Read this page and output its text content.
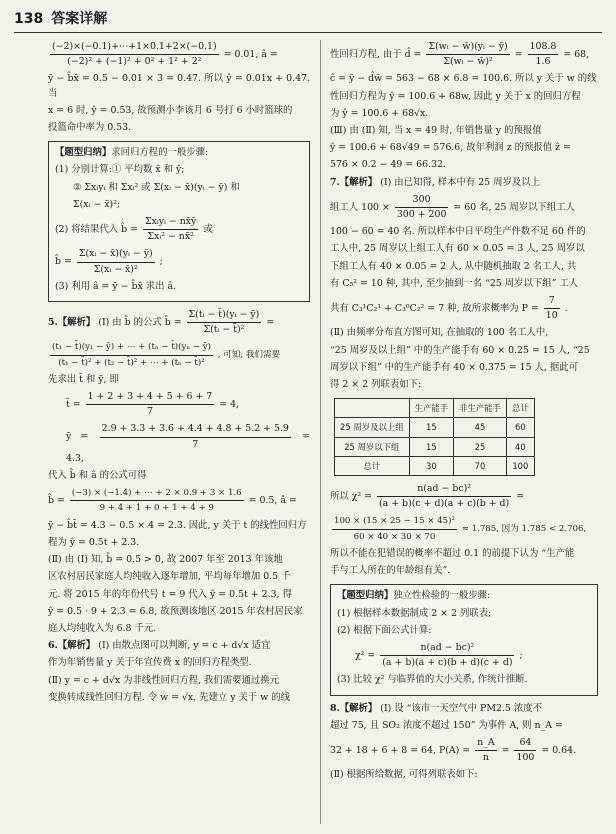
138 答案详解
$\frac{(-2)\times(-0.1)+\cdots+1\times 0.1+2\times(-0.1)}{\text{(−2)² + (−1)² + 0² + 1² + 2²}} = 0.01$, â =
ȳ − b̂x̄ = 0.5 − 0.01 × 3 = 0.47. 所以 ŷ = 0.01x + 0.47. 当
x = 6 时, ŷ = 0.53, 故预测小李该月 6 号打 6 小时篮球的
投篮命中率为 0.53.
【题型归纳】求回归方程的一般步骤:
(1) 分别计算:① 平均数 x̄ 和 ȳ;
② Σxᵢyᵢ 和 Σxᵢ² 或 Σ(xᵢ − x̄)(yᵢ − ȳ) 和
Σ(xᵢ − x̄)²;
(2) 将结果代入 b̂ = $\frac{\text{Σxᵢyᵢ − nx̄ȳ}}{\text{Σxᵢ² − nx̄²}}$ 或
b̂ = $\frac{\text{Σ(xᵢ − x̄)(yᵢ − ȳ)}}{\text{Σ(xᵢ − x̄)²}}$ ;
(3) 利用 â = ȳ − b̂x̄ 求出 â.
5.【解析】 (Ⅰ) 由 b̂ 的公式 b̂ = $\frac{\text{Σ(tᵢ − t̄)(yᵢ − ȳ)}}{\text{Σ(tᵢ − t̄)²}}$ =
$\frac{\text{(t₁ − t̄)(y₁ − ȳ) + ⋯ + (tₙ − t̄)(yₙ − ȳ)}}{\text{(t₁ − t̄)² + (t₂ − t̄)² + ⋯ + (tₙ − t̄)²}}$ , 可知, 我们需要
先求出 t̄ 和 ȳ, 即
t̄ = $\frac{1 + 2 + 3 + 4 + 5 + 6 + 7}{7} = 4$,
ȳ = $\frac{2.9 + 3.3 + 3.6 + 4.4 + 4.8 + 5.2 + 5.9}{7} = 4.3$,
代入 b̂ 和 â 的公式可得
b̂ = $\frac{(-3) \times (-1.4) + \cdots + 2 \times 0.9 + 3 \times 1.6}{9 + 4 + 1 + 0 + 1 + 4 + 9} = 0.5$, â =
ȳ − b̂t̄ = 4.3 − 0.5 × 4 = 2.3. 因此, y 关于 t 的线性回归方
程为 ŷ = 0.5t + 2.3.
(Ⅱ) 由 (Ⅰ) 知, b̂ = 0.5 > 0, 故 2007 年至 2013 年该地
区农村居民家庭人均纯收入逐年增加, 平均每年增加 0.5 千
元. 将 2015 年的年份代号 t = 9 代入 ŷ = 0.5t + 2.3, 得
ŷ = 0.5 · 9 + 2.3 = 6.8, 故预测该地区 2015 年农村居民家
庭人均纯收入为 6.8 千元.
6.【解析】 (Ⅰ) 由散点图可以判断, y = c + d√x 适宜
作为年销售量 y 关于年宣传费 x 的回归方程类型.
(Ⅱ) y = c + d√x 为非线性回归方程, 我们需要通过换元
变换转成线性回归方程. 令 w = √x, 先建立 y 关于 w 的线
性回归方程, 由于 d̂ = $\frac{\text{Σ(wᵢ − w̄)(yᵢ − ȳ)}}{\text{Σ(wᵢ − w̄)²}} = \frac{108.8}{1.6} = 68$,
ĉ = ȳ − d̂w̄ = 563 − 68 × 6.8 = 100.6. 所以 y 关于 w 的线
性回归方程为 ŷ = 100.6 + 68w, 因此 y 关于 x 的回归方程
为 ŷ = 100.6 + 68√x.
(Ⅲ) 由 (Ⅱ) 知, 当 x = 49 时, 年销售量 y 的预报值
ŷ = 100.6 + 68√49 = 576.6, 故年利润 z 的预报值 ẑ =
576 × 0.2 − 49 = 66.32.
7.【解析】 (Ⅰ) 由已知得, 样本中有 25 周岁及以上
组工人 $100 \times \frac{300}{300 + 200} = 60$ 名, 25 周岁以下组工人
100 − 60 = 40 名. 所以样本中日平均生产件数不足 60 件的
工人中, 25 周岁以上组工人有 60 × 0.05 = 3 人, 25 周岁以
下组工人有 40 × 0.05 = 2 人, 从中随机抽取 2 名工人, 共
有 C₅² = 10 种, 其中, 至少抽到一名 “25 周岁以下组” 工人
共有 C₃¹C₂¹ + C₃⁰C₂² = 7 种, 故所求概率为 $P = \frac{7}{10}$ .
(Ⅱ) 由频率分布直方图可知, 在抽取的 100 名工人中,
“25 周岁及以上组” 中的生产能手有 60 × 0.25 = 15 人, “25
周岁以下组” 中的生产能手有 40 × 0.375 = 15 人, 据此可
得 2 × 2 列联表如下:
	生产能手	非生产能手	总计
25 周岁及以上组	15	45	60
25 周岁以下组	15	25	40
总计	30	70	100
所以 $\chi^2 = \frac{\text{n(ad − bc)²}}{(a + b)(c + d)(a + c)(b + d)}$ =
$\frac{\text{100 × (15 × 25 − 15 × 45)²}}{60 \times 40 \times 30 \times 70} \approx 1.785$, 因为 1.785 < 2.706,
所以不能在犯错误的概率不超过 0.1 的前提下认为 “生产能
手与工人所在的年龄组有关”.
【题型归纳】独立性检验的一般步骤:
(1) 根据样本数据制成 2 × 2 列联表;
(2) 根据下面公式计算:
$\chi^2 = \frac{\text{n(ad − bc)²}}{(a + b)(a + c)(b + d)(c + d)}$ ;
(3) 比较 χ² 与临界值的大小关系, 作统计推断.
8.【解析】 (Ⅰ) 设 “该市一天空气中 PM2.5 浓度不
超过 75, 且 SO₂ 浓度不超过 150” 为事件 A, 则 n_A =
32 + 18 + 6 + 8 = 64, $P(A) = \frac{n\_A}{n} = \frac{64}{100} = 0.64$.
(Ⅱ) 根据所给数据, 可得列联表如下:
